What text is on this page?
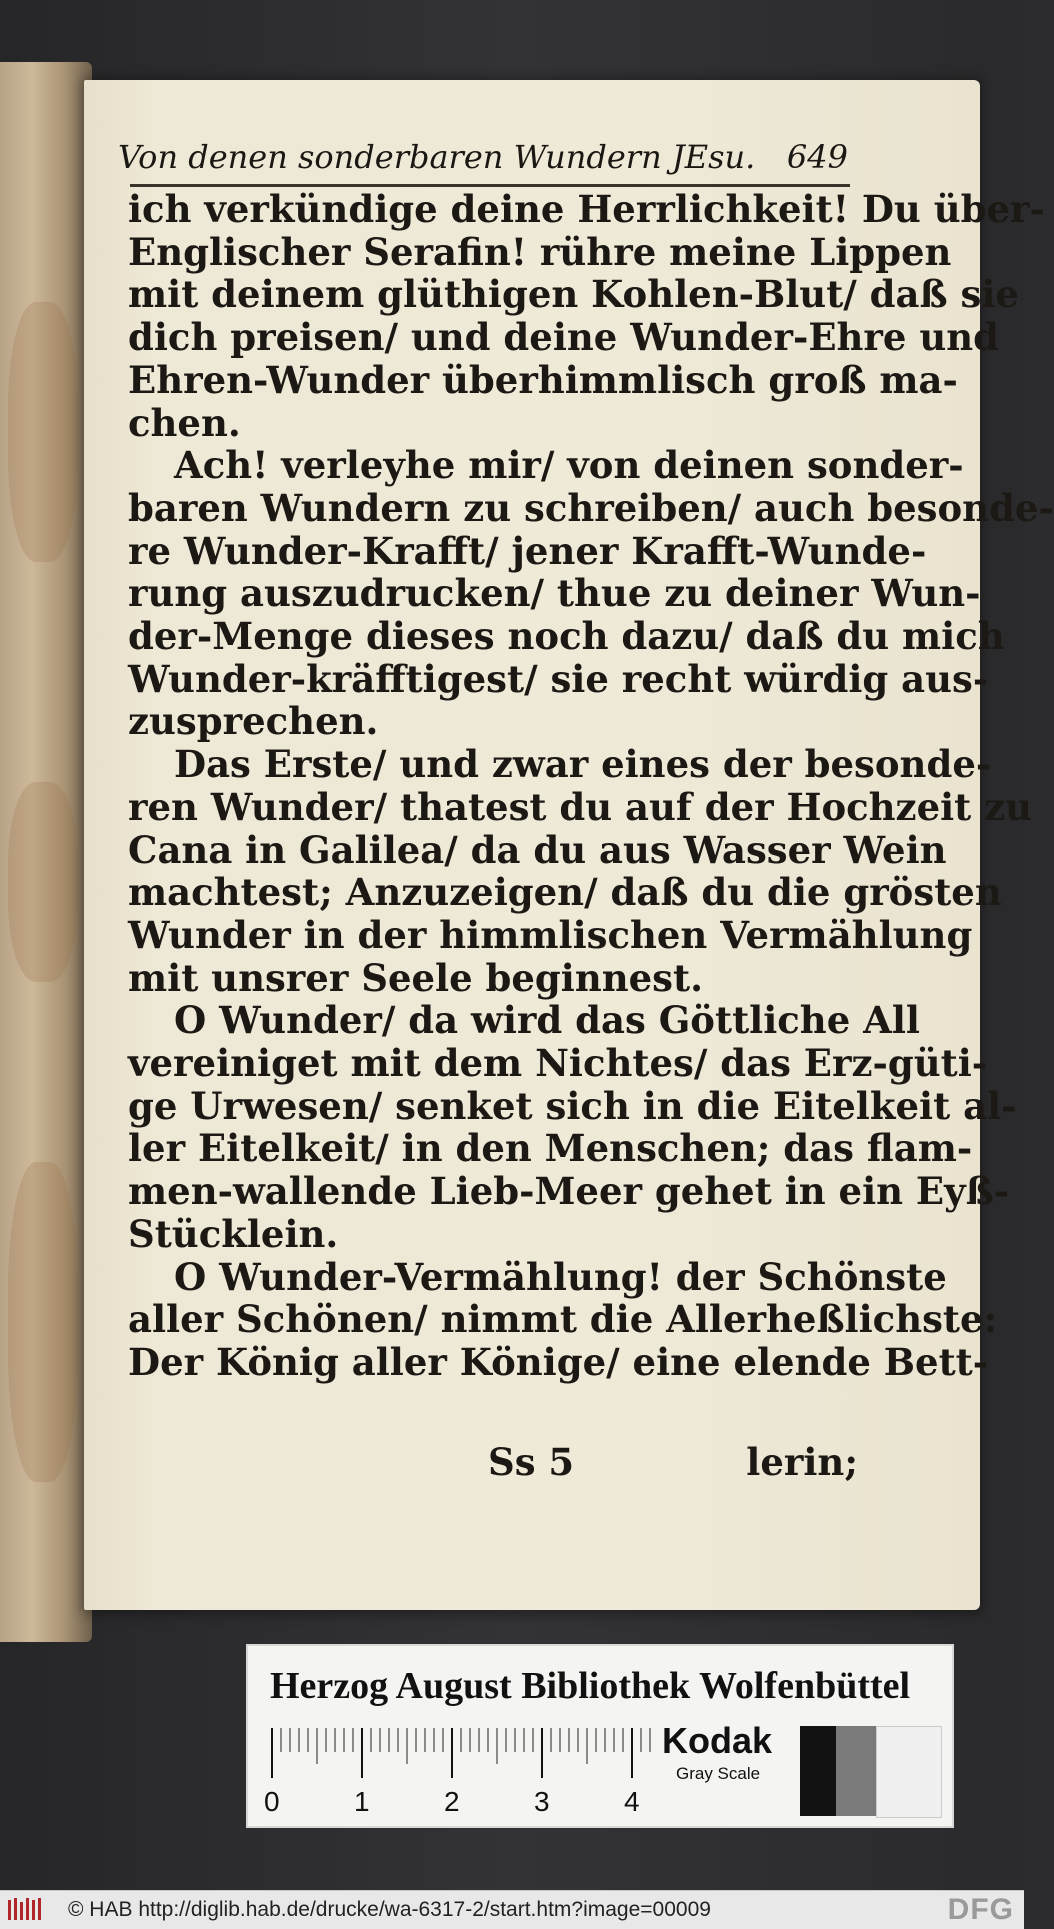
Von denen sonderbaren Wundern JEsu. 649
ich verkündige deine Herrlichkeit! Du über-
Englischer Serafin! rühre meine Lippen
mit deinem glüthigen Kohlen-Blut/ daß sie
dich preisen/ und deine Wunder-Ehre und
Ehren-Wunder überhimmlisch groß ma-
chen.
Ach! verleyhe mir/ von deinen sonder-
baren Wundern zu schreiben/ auch besonde-
re Wunder-Krafft/ jener Krafft-Wunde-
rung auszudrucken/ thue zu deiner Wun-
der-Menge dieses noch dazu/ daß du mich
Wunder-kräfftigest/ sie recht würdig aus-
zusprechen.
Das Erste/ und zwar eines der besonde-
ren Wunder/ thatest du auf der Hochzeit zu
Cana in Galilea/ da du aus Wasser Wein
machtest; Anzuzeigen/ daß du die grösten
Wunder in der himmlischen Vermählung
mit unsrer Seele beginnest.
O Wunder/ da wird das Göttliche All
vereiniget mit dem Nichtes/ das Erz-güti-
ge Urwesen/ senket sich in die Eitelkeit al-
ler Eitelkeit/ in den Menschen; das flam-
men-wallende Lieb-Meer gehet in ein Eyß-
Stücklein.
O Wunder-Vermählung! der Schönste
aller Schönen/ nimmt die Allerheßlichste:
Der König aller Könige/ eine elende Bett-
Ss 5	lerin;
Herzog August Bibliothek Wolfenbüttel
0	1	2	3	4
Kodak
Gray Scale
© HAB http://diglib.hab.de/drucke/wa-6317-2/start.htm?image=00009	DFG
